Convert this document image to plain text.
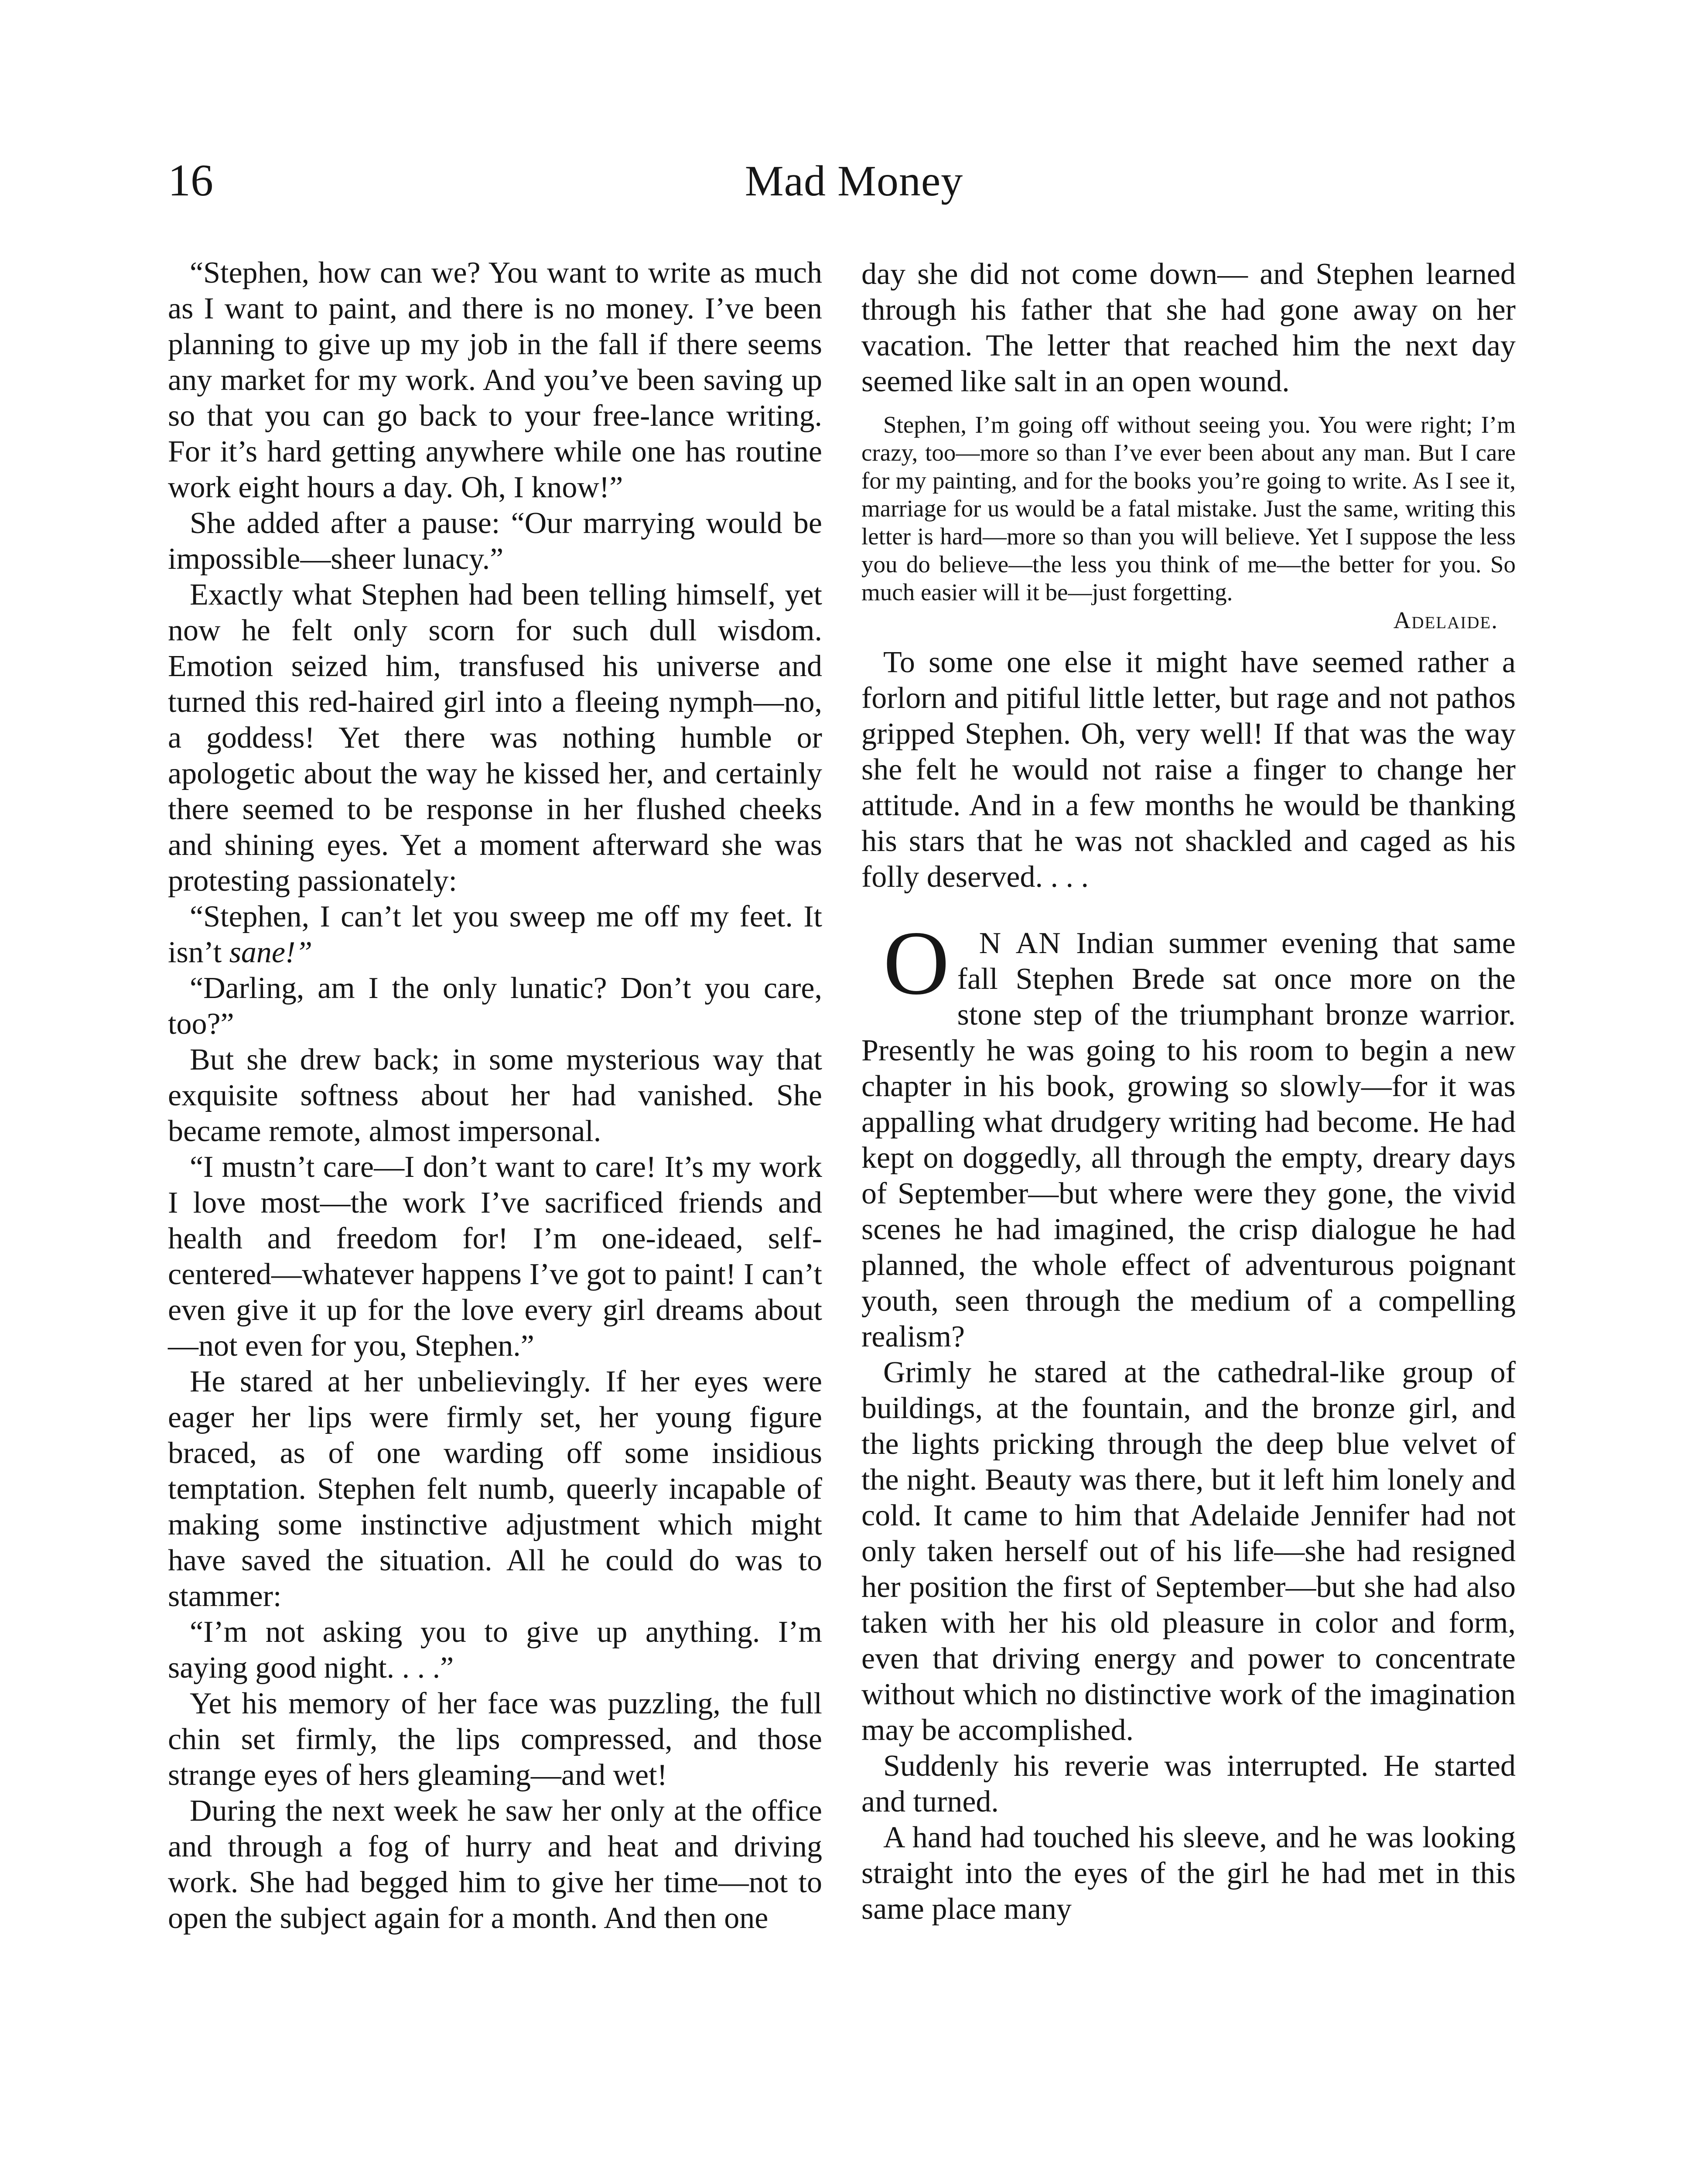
16	Mad Money

“Stephen, how can we? You want to write as much as I want to paint, and there is no money. I’ve been planning to give up my job in the fall if there seems any market for my work. And you’ve been saving up so that you can go back to your free-lance writing. For it’s hard getting anywhere while one has routine work eight hours a day. Oh, I know!”

She added after a pause: “Our marrying would be impossible—sheer lunacy.”

Exactly what Stephen had been telling himself, yet now he felt only scorn for such dull wisdom. Emotion seized him, transfused his universe and turned this red-haired girl into a fleeing nymph—no, a goddess! Yet there was nothing humble or apologetic about the way he kissed her, and certainly there seemed to be response in her flushed cheeks and shining eyes. Yet a moment afterward she was protesting passionately:

“Stephen, I can’t let you sweep me off my feet. It isn’t sane!”

“Darling, am I the only lunatic? Don’t you care, too?”

But she drew back; in some mysterious way that exquisite softness about her had vanished. She became remote, almost impersonal.

“I mustn’t care—I don’t want to care! It’s my work I love most—the work I’ve sacrificed friends and health and freedom for! I’m one-ideaed, self-centered—whatever happens I’ve got to paint! I can’t even give it up for the love every girl dreams about—not even for you, Stephen.”

He stared at her unbelievingly. If her eyes were eager her lips were firmly set, her young figure braced, as of one warding off some insidious temptation. Stephen felt numb, queerly incapable of making some instinctive adjustment which might have saved the situation. All he could do was to stammer:

“I’m not asking you to give up anything. I’m saying good night. . . .”

Yet his memory of her face was puzzling, the full chin set firmly, the lips compressed, and those strange eyes of hers gleaming—and wet!

During the next week he saw her only at the office and through a fog of hurry and heat and driving work. She had begged him to give her time—not to open the subject again for a month. And then one

day she did not come down— and Stephen learned through his father that she had gone away on her vacation. The letter that reached him the next day seemed like salt in an open wound.

Stephen, I’m going off without seeing you. You were right; I’m crazy, too—more so than I’ve ever been about any man. But I care for my painting, and for the books you’re going to write. As I see it, marriage for us would be a fatal mistake. Just the same, writing this letter is hard—more so than you will believe. Yet I suppose the less you do believe—the less you think of me—the better for you. So much easier will it be—just forgetting.

Adelaide.

To some one else it might have seemed rather a forlorn and pitiful little letter, but rage and not pathos gripped Stephen. Oh, very well! If that was the way she felt he would not raise a finger to change her attitude. And in a few months he would be thanking his stars that he was not shackled and caged as his folly deserved. . . .

O N AN Indian summer evening that same fall Stephen Brede sat once more on the stone step of the triumphant bronze warrior. Presently he was going to his room to begin a new chapter in his book, growing so slowly—for it was appalling what drudgery writing had become. He had kept on doggedly, all through the empty, dreary days of September—but where were they gone, the vivid scenes he had imagined, the crisp dialogue he had planned, the whole effect of adventurous poignant youth, seen through the medium of a compelling realism?

Grimly he stared at the cathedral-like group of buildings, at the fountain, and the bronze girl, and the lights pricking through the deep blue velvet of the night. Beauty was there, but it left him lonely and cold. It came to him that Adelaide Jennifer had not only taken herself out of his life—she had resigned her position the first of September—but she had also taken with her his old pleasure in color and form, even that driving energy and power to concentrate without which no distinctive work of the imagination may be accomplished.

Suddenly his reverie was interrupted. He started and turned.

A hand had touched his sleeve, and he was looking straight into the eyes of the girl he had met in this same place many
